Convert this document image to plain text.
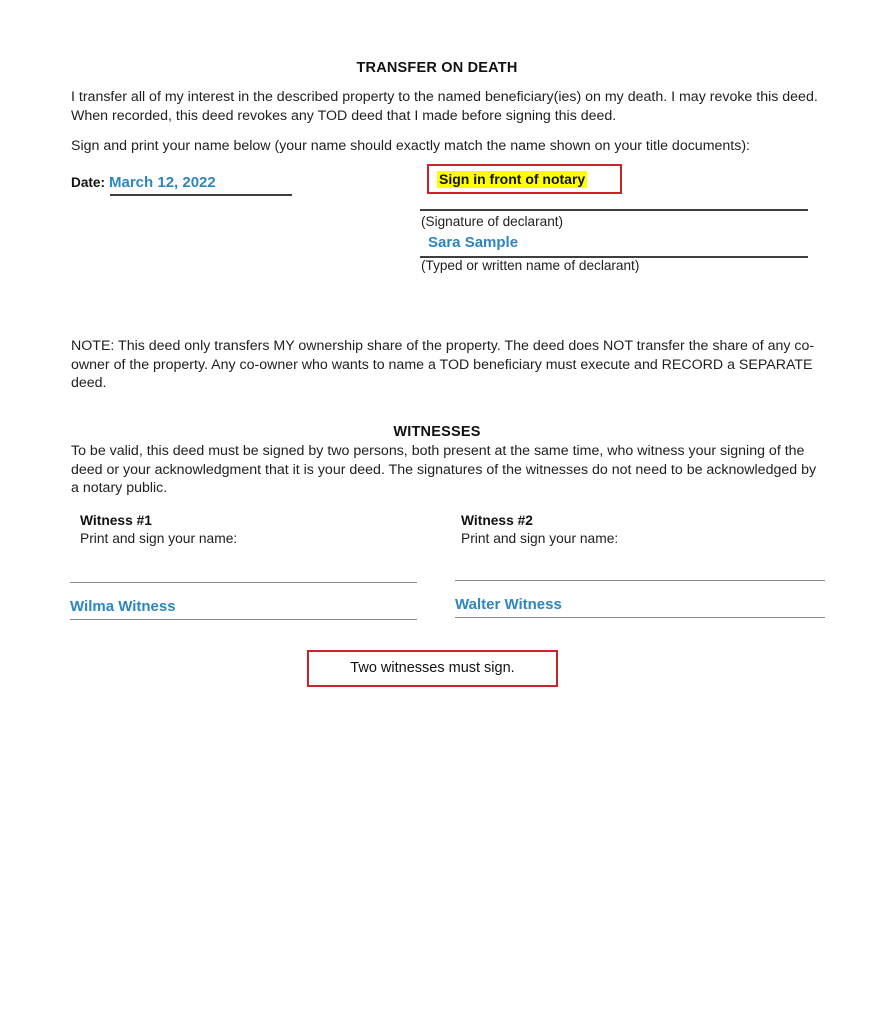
TRANSFER ON DEATH
I transfer all of my interest in the described property to the named beneficiary(ies) on my death. I may revoke this deed. When recorded, this deed revokes any TOD deed that I made before signing this deed.
Sign and print your name below (your name should exactly match the name shown on your title documents):
Date: March 12, 2022	Sign in front of notary
(Signature of declarant)
Sara Sample
(Typed or written name of declarant)
NOTE: This deed only transfers MY ownership share of the property. The deed does NOT transfer the share of any co-owner of the property. Any co-owner who wants to name a TOD beneficiary must execute and RECORD a SEPARATE deed.
WITNESSES
To be valid, this deed must be signed by two persons, both present at the same time, who witness your signing of the deed or your acknowledgment that it is your deed. The signatures of the witnesses do not need to be acknowledged by a notary public.
Witness #1
Print and sign your name:
Wilma Witness
Witness #2
Print and sign your name:
Walter Witness
Two witnesses must sign.
